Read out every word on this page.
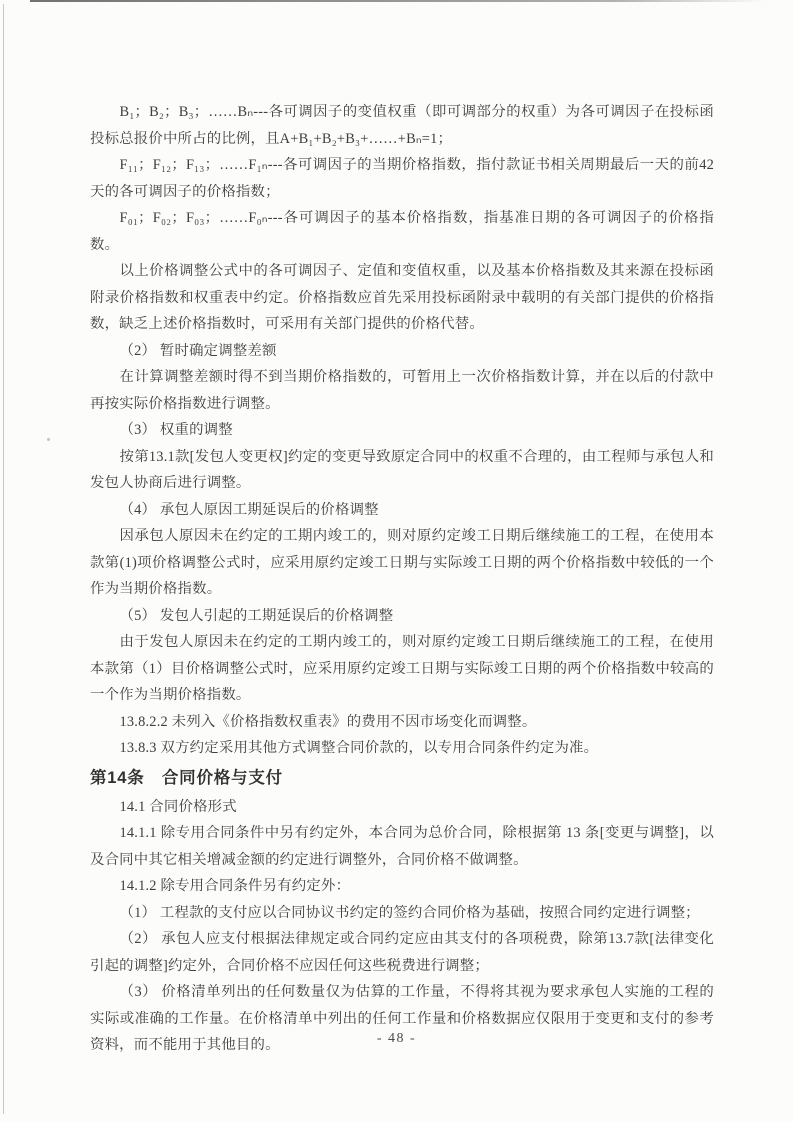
B₁；B₂；B₃；……Bₙ---各可调因子的变值权重（即可调部分的权重）为各可调因子在投标函投标总报价中所占的比例，且A+B₁+B₂+B₃+……+Bₙ=1；

F₁₁；F₁₂；F₁₃；……F₁ₙ---各可调因子的当期价格指数，指付款证书相关周期最后一天的前42天的各可调因子的价格指数；

F₀₁；F₀₂；F₀₃；……F₀ₙ---各可调因子的基本价格指数，指基准日期的各可调因子的价格指数。

以上价格调整公式中的各可调因子、定值和变值权重，以及基本价格指数及其来源在投标函附录价格指数和权重表中约定。价格指数应首先采用投标函附录中载明的有关部门提供的价格指数，缺乏上述价格指数时，可采用有关部门提供的价格代替。

（2） 暂时确定调整差额

在计算调整差额时得不到当期价格指数的，可暂用上一次价格指数计算，并在以后的付款中再按实际价格指数进行调整。

（3） 权重的调整

按第13.1款[发包人变更权]约定的变更导致原定合同中的权重不合理的，由工程师与承包人和发包人协商后进行调整。

（4） 承包人原因工期延误后的价格调整

因承包人原因未在约定的工期内竣工的，则对原约定竣工日期后继续施工的工程，在使用本款第(1)项价格调整公式时，应采用原约定竣工日期与实际竣工日期的两个价格指数中较低的一个作为当期价格指数。

（5） 发包人引起的工期延误后的价格调整

由于发包人原因未在约定的工期内竣工的，则对原约定竣工日期后继续施工的工程，在使用本款第（1）目价格调整公式时，应采用原约定竣工日期与实际竣工日期的两个价格指数中较高的一个作为当期价格指数。

13.8.2.2 未列入《价格指数权重表》的费用不因市场变化而调整。

13.8.3 双方约定采用其他方式调整合同价款的，以专用合同条件约定为准。

第14条　合同价格与支付

14.1 合同价格形式

14.1.1 除专用合同条件中另有约定外，本合同为总价合同，除根据第 13 条[变更与调整]，以及合同中其它相关增减金额的约定进行调整外，合同价格不做调整。

14.1.2 除专用合同条件另有约定外：

（1） 工程款的支付应以合同协议书约定的签约合同价格为基础，按照合同约定进行调整；

（2） 承包人应支付根据法律规定或合同约定应由其支付的各项税费，除第13.7款[法律变化引起的调整]约定外，合同价格不应因任何这些税费进行调整；

（3） 价格清单列出的任何数量仅为估算的工作量，不得将其视为要求承包人实施的工程的实际或准确的工作量。在价格清单中列出的任何工作量和价格数据应仅限用于变更和支付的参考资料，而不能用于其他目的。	- 48 -
